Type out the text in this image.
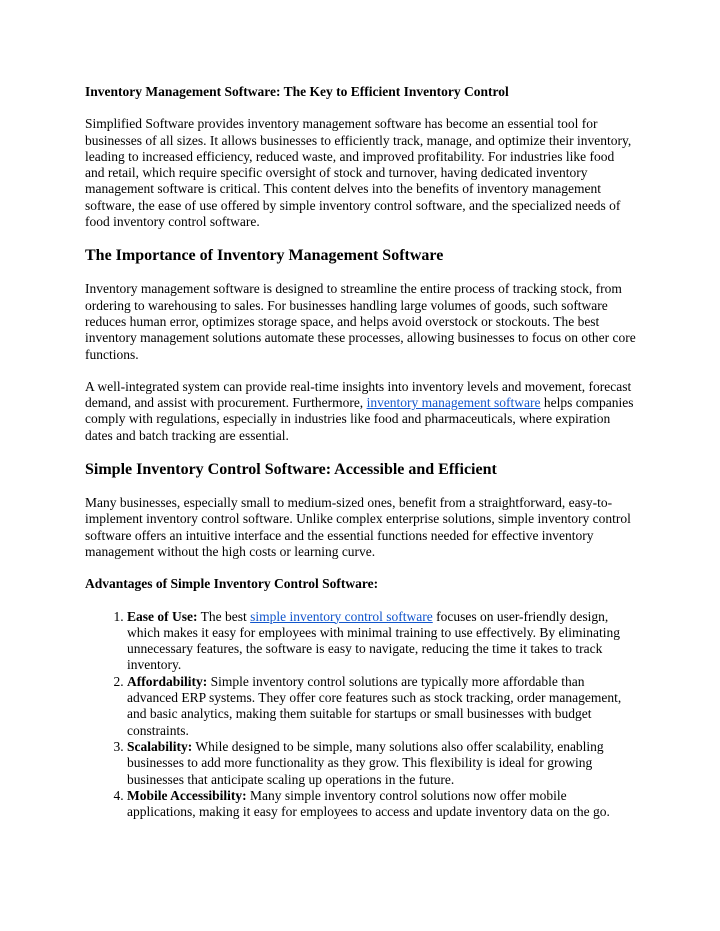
Inventory Management Software: The Key to Efficient Inventory Control

Simplified Software provides inventory management software has become an essential tool for businesses of all sizes. It allows businesses to efficiently track, manage, and optimize their inventory, leading to increased efficiency, reduced waste, and improved profitability. For industries like food and retail, which require specific oversight of stock and turnover, having dedicated inventory management software is critical. This content delves into the benefits of inventory management software, the ease of use offered by simple inventory control software, and the specialized needs of food inventory control software.

The Importance of Inventory Management Software

Inventory management software is designed to streamline the entire process of tracking stock, from ordering to warehousing to sales. For businesses handling large volumes of goods, such software reduces human error, optimizes storage space, and helps avoid overstock or stockouts. The best inventory management solutions automate these processes, allowing businesses to focus on other core functions.

A well-integrated system can provide real-time insights into inventory levels and movement, forecast demand, and assist with procurement. Furthermore, inventory management software helps companies comply with regulations, especially in industries like food and pharmaceuticals, where expiration dates and batch tracking are essential.

Simple Inventory Control Software: Accessible and Efficient

Many businesses, especially small to medium-sized ones, benefit from a straightforward, easy-to-implement inventory control software. Unlike complex enterprise solutions, simple inventory control software offers an intuitive interface and the essential functions needed for effective inventory management without the high costs or learning curve.

Advantages of Simple Inventory Control Software:

1. Ease of Use: The best simple inventory control software focuses on user-friendly design, which makes it easy for employees with minimal training to use effectively. By eliminating unnecessary features, the software is easy to navigate, reducing the time it takes to track inventory.
2. Affordability: Simple inventory control solutions are typically more affordable than advanced ERP systems. They offer core features such as stock tracking, order management, and basic analytics, making them suitable for startups or small businesses with budget constraints.
3. Scalability: While designed to be simple, many solutions also offer scalability, enabling businesses to add more functionality as they grow. This flexibility is ideal for growing businesses that anticipate scaling up operations in the future.
4. Mobile Accessibility: Many simple inventory control solutions now offer mobile applications, making it easy for employees to access and update inventory data on the go.
